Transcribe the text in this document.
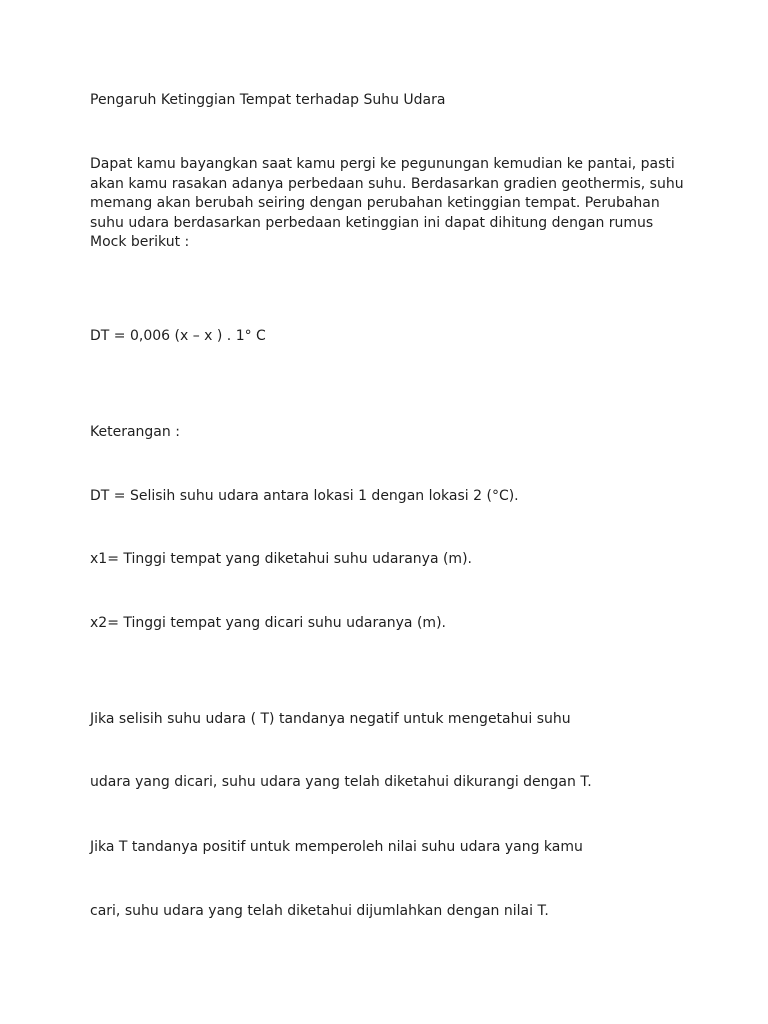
Pengaruh Ketinggian Tempat terhadap Suhu Udara

Dapat kamu bayangkan saat kamu pergi ke pegunungan kemudian ke pantai, pasti
akan kamu rasakan adanya perbedaan suhu. Berdasarkan gradien geothermis, suhu
memang akan berubah seiring dengan perubahan ketinggian tempat. Perubahan
suhu udara berdasarkan perbedaan ketinggian ini dapat dihitung dengan rumus
Mock berikut :

DT = 0,006 (x – x ) . 1° C

Keterangan :

DT = Selisih suhu udara antara lokasi 1 dengan lokasi 2 (°C).

x1= Tinggi tempat yang diketahui suhu udaranya (m).

x2= Tinggi tempat yang dicari suhu udaranya (m).

Jika selisih suhu udara ( T) tandanya negatif untuk mengetahui suhu

udara yang dicari, suhu udara yang telah diketahui dikurangi dengan T.

Jika T tandanya positif untuk memperoleh nilai suhu udara yang kamu

cari, suhu udara yang telah diketahui dijumlahkan dengan nilai T.
